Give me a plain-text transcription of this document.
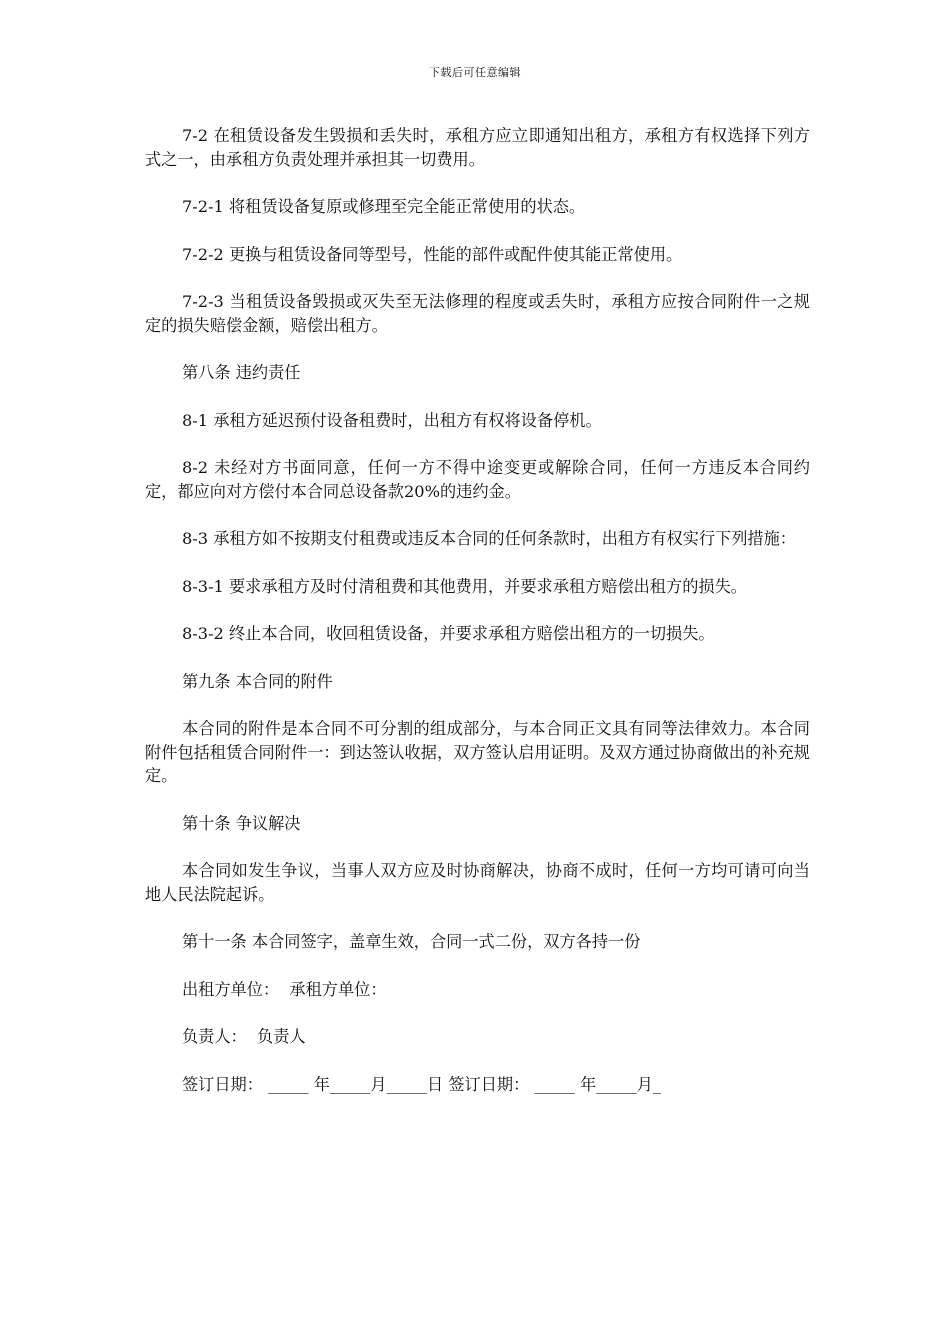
下载后可任意编辑

7-2 在租赁设备发生毁损和丢失时，承租方应立即通知出租方，承租方有权选择下列方式之一，由承租方负责处理并承担其一切费用。

7-2-1 将租赁设备复原或修理至完全能正常使用的状态。

7-2-2 更换与租赁设备同等型号，性能的部件或配件使其能正常使用。

7-2-3 当租赁设备毁损或灭失至无法修理的程度或丢失时，承租方应按合同附件一之规定的损失赔偿金额，赔偿出租方。

第八条 违约责任

8-1 承租方延迟预付设备租费时，出租方有权将设备停机。

8-2 未经对方书面同意，任何一方不得中途变更或解除合同，任何一方违反本合同约定，都应向对方偿付本合同总设备款20%的违约金。

8-3 承租方如不按期支付租费或违反本合同的任何条款时，出租方有权实行下列措施：

8-3-1 要求承租方及时付清租费和其他费用，并要求承租方赔偿出租方的损失。

8-3-2 终止本合同，收回租赁设备，并要求承租方赔偿出租方的一切损失。

第九条 本合同的附件

本合同的附件是本合同不可分割的组成部分，与本合同正文具有同等法律效力。本合同附件包括租赁合同附件一：到达签认收据，双方签认启用证明。及双方通过协商做出的补充规定。

第十条 争议解决

本合同如发生争议，当事人双方应及时协商解决，协商不成时，任何一方均可请可向当地人民法院起诉。

第十一条 本合同签字，盖章生效，合同一式二份，双方各持一份

出租方单位：  承租方单位：

负责人：  负责人

签订日期： _____ 年_____月_____日 签订日期： _____ 年_____月_
